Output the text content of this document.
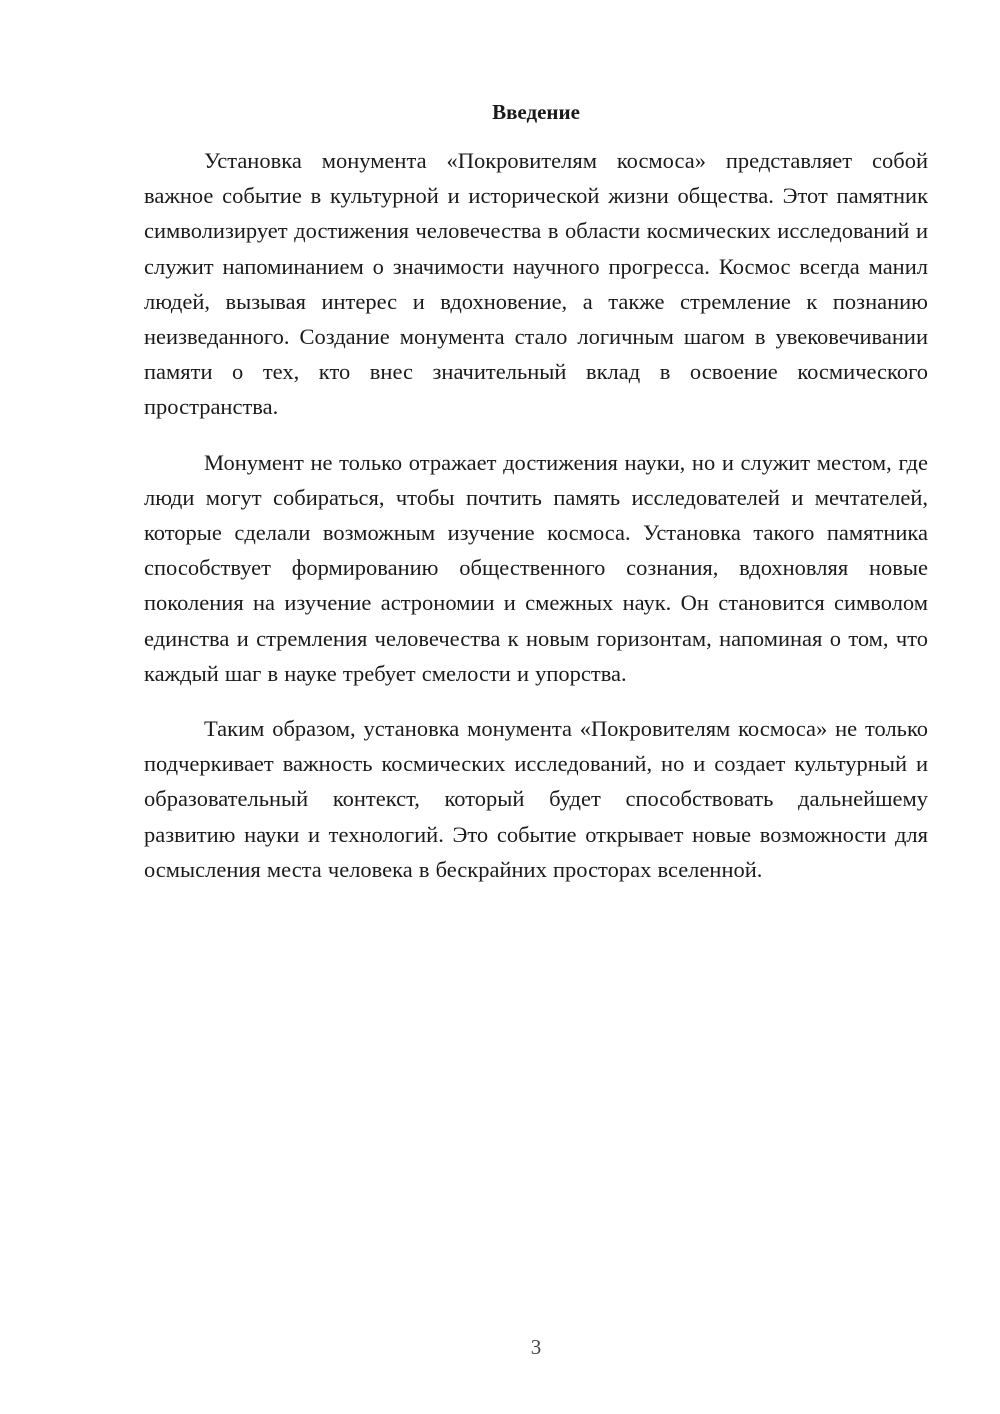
Введение

Установка монумента «Покровителям космоса» представляет собой важное событие в культурной и исторической жизни общества. Этот памятник символизирует достижения человечества в области космических исследований и служит напоминанием о значимости научного прогресса. Космос всегда манил людей, вызывая интерес и вдохновение, а также стремление к познанию неизведанного. Создание монумента стало логичным шагом в увековечивании памяти о тех, кто внес значительный вклад в освоение космического пространства.

Монумент не только отражает достижения науки, но и служит местом, где люди могут собираться, чтобы почтить память исследователей и мечтателей, которые сделали возможным изучение космоса. Установка такого памятника способствует формированию общественного сознания, вдохновляя новые поколения на изучение астрономии и смежных наук. Он становится символом единства и стремления человечества к новым горизонтам, напоминая о том, что каждый шаг в науке требует смелости и упорства.

Таким образом, установка монумента «Покровителям космоса» не только подчеркивает важность космических исследований, но и создает культурный и образовательный контекст, который будет способствовать дальнейшему развитию науки и технологий. Это событие открывает новые возможности для осмысления места человека в бескрайних просторах вселенной.

3
